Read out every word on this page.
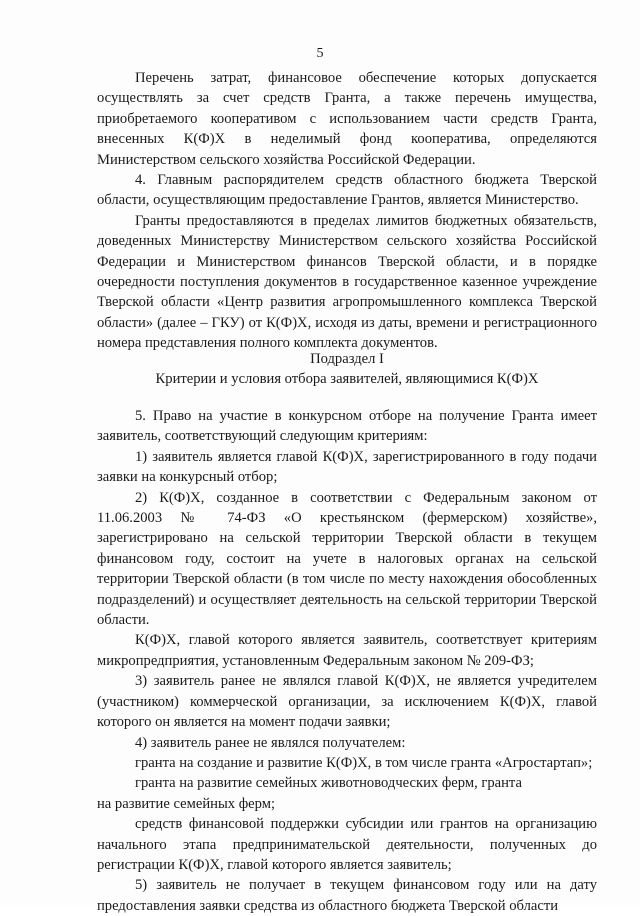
5

Перечень затрат, финансовое обеспечение которых допускается осуществлять за счет средств Гранта, а также перечень имущества, приобретаемого кооперативом с использованием части средств Гранта, внесенных К(Ф)Х в неделимый фонд кооператива, определяются Министерством сельского хозяйства Российской Федерации.

4. Главным распорядителем средств областного бюджета Тверской области, осуществляющим предоставление Грантов, является Министерство.

Гранты предоставляются в пределах лимитов бюджетных обязательств, доведенных Министерству Министерством сельского хозяйства Российской Федерации и Министерством финансов Тверской области, и в порядке очередности поступления документов в государственное казенное учреждение Тверской области «Центр развития агропромышленного комплекса Тверской области» (далее – ГКУ) от К(Ф)Х, исходя из даты, времени и регистрационного номера представления полного комплекта документов.

Подраздел I

Критерии и условия отбора заявителей, являющимися К(Ф)Х

5. Право на участие в конкурсном отборе на получение Гранта имеет заявитель, соответствующий следующим критериям:

1) заявитель является главой К(Ф)Х, зарегистрированного в году подачи заявки на конкурсный отбор;

2) К(Ф)Х, созданное в соответствии с Федеральным законом от 11.06.2003 № 74-ФЗ «О крестьянском (фермерском) хозяйстве», зарегистрировано на сельской территории Тверской области в текущем финансовом году, состоит на учете в налоговых органах на сельской территории Тверской области (в том числе по месту нахождения обособленных подразделений) и осуществляет деятельность на сельской территории Тверской области.

К(Ф)Х, главой которого является заявитель, соответствует критериям микропредприятия, установленным Федеральным законом № 209-ФЗ;

3) заявитель ранее не являлся главой К(Ф)Х, не является учредителем (участником) коммерческой организации, за исключением К(Ф)Х, главой которого он является на момент подачи заявки;

4) заявитель ранее не являлся получателем:

гранта на создание и развитие К(Ф)Х, в том числе гранта «Агростартап»;

гранта на развитие семейных животноводческих ферм, гранта

на развитие семейных ферм;

средств финансовой поддержки субсидии или грантов на организацию начального этапа предпринимательской деятельности, полученных до регистрации К(Ф)Х, главой которого является заявитель;

5) заявитель не получает в текущем финансовом году или на дату предоставления заявки средства из областного бюджета Тверской области
